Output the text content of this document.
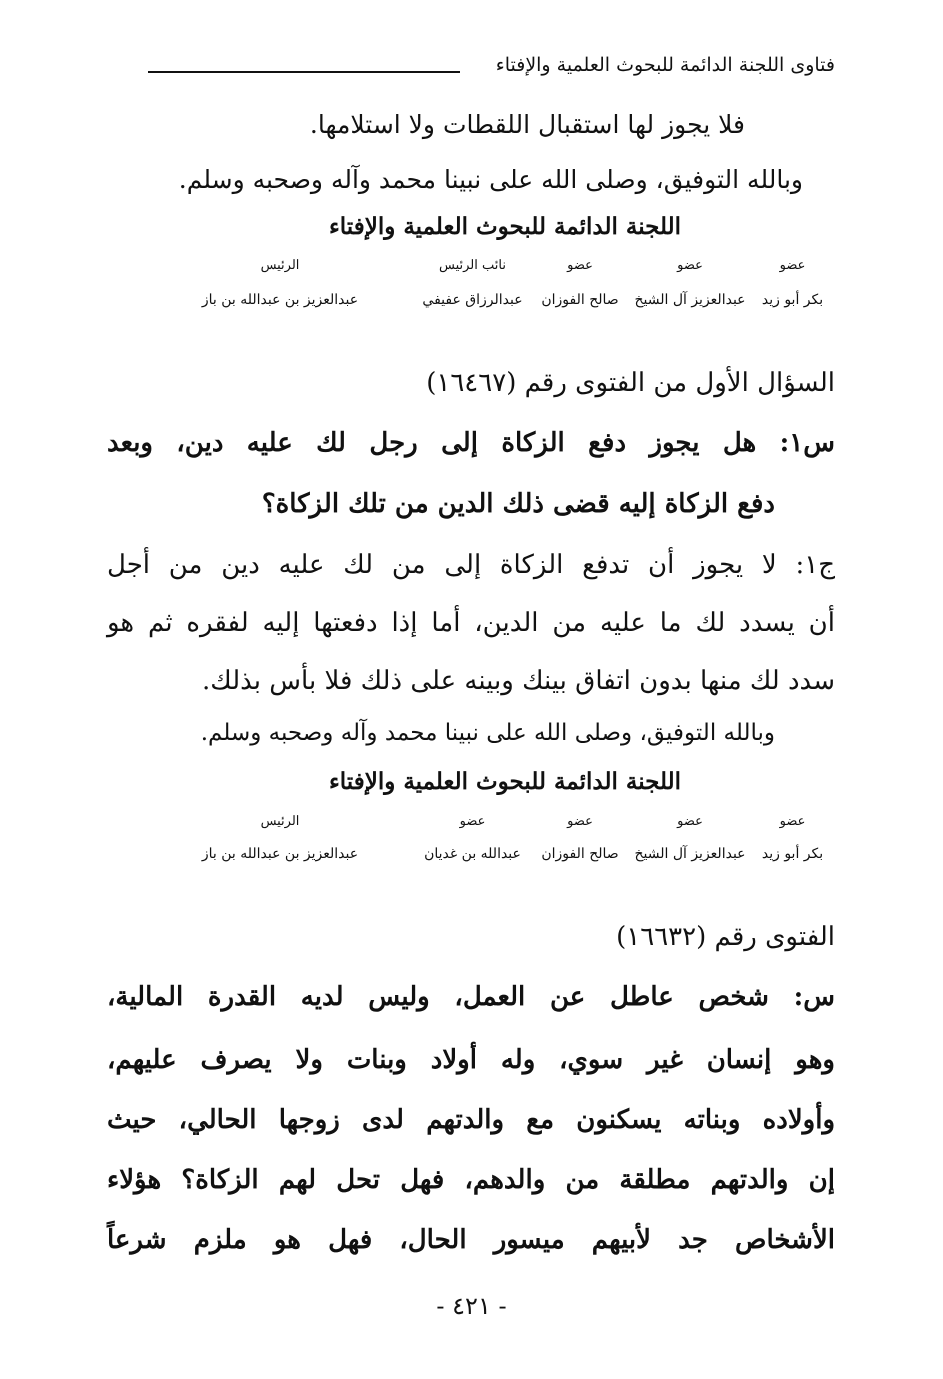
فتاوى اللجنة الدائمة للبحوث العلمية والإفتاء
فلا يجوز لها استقبال اللقطات ولا استلامها.
وبالله التوفيق، وصلى الله على نبينا محمد وآله وصحبه وسلم.
اللجنة الدائمة للبحوث العلمية والإفتاء
عضو
عضو
عضو
نائب الرئيس
الرئيس
بكر أبو زيد
عبدالعزيز آل الشيخ
صالح الفوزان
عبدالرزاق عفيفي
عبدالعزيز بن عبدالله بن باز
السؤال الأول من الفتوى رقم (١٦٤٦٧)
س١: هل يجوز دفع الزكاة إلى رجل لك عليه دين، وبعد
دفع الزكاة إليه قضى ذلك الدين من تلك الزكاة؟
ج١: لا يجوز أن تدفع الزكاة إلى من لك عليه دين من أجل
أن يسدد لك ما عليه من الدين، أما إذا دفعتها إليه لفقره ثم هو
سدد لك منها بدون اتفاق بينك وبينه على ذلك فلا بأس بذلك.
وبالله التوفيق، وصلى الله على نبينا محمد وآله وصحبه وسلم.
اللجنة الدائمة للبحوث العلمية والإفتاء
عضو
عضو
عضو
عضو
الرئيس
بكر أبو زيد
عبدالعزيز آل الشيخ
صالح الفوزان
عبدالله بن غديان
عبدالعزيز بن عبدالله بن باز
الفتوى رقم (١٦٦٣٢)
س: شخص عاطل عن العمل، وليس لديه القدرة المالية،
وهو إنسان غير سوي، وله أولاد وبنات ولا يصرف عليهم،
وأولاده وبناته يسكنون مع والدتهم لدى زوجها الحالي، حيث
إن والدتهم مطلقة من والدهم، فهل تحل لهم الزكاة؟ هؤلاء
الأشخاص جد لأبيهم ميسور الحال، فهل هو ملزم شرعاً
- ٤٢١ -
